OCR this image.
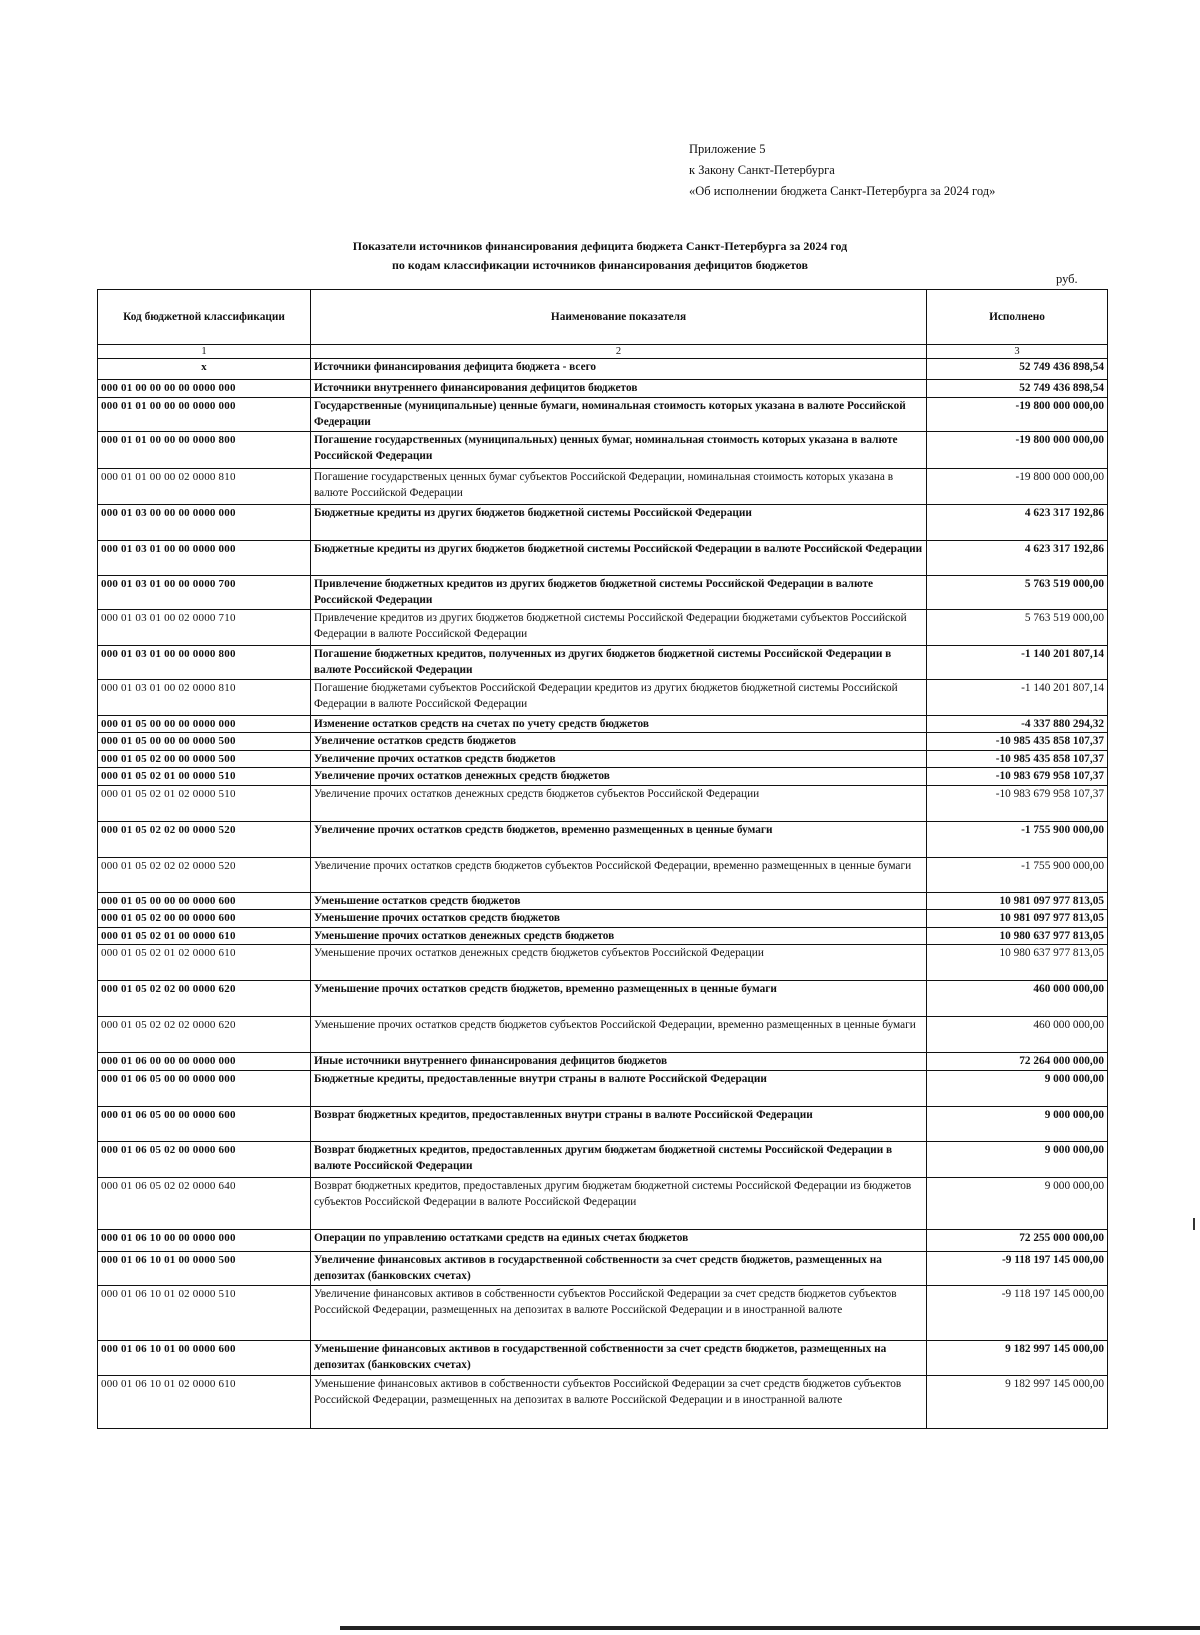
Приложение 5
к Закону Санкт-Петербурга
«Об исполнении бюджета Санкт-Петербурга за 2024 год»
Показатели источников финансирования дефицита бюджета Санкт-Петербурга за 2024 год
по кодам классификации источников финансирования дефицитов бюджетов
руб.
Код бюджетной классификации	Наименование показателя	Исполнено
1	2	3
х	Источники финансирования дефицита бюджета - всего	52 749 436 898,54
000 01 00 00 00 00 0000 000	Источники внутреннего финансирования дефицитов бюджетов	52 749 436 898,54
000 01 01 00 00 00 0000 000	Государственные (муниципальные) ценные бумаги, номинальная стоимость которых указана в валюте Российской Федерации	-19 800 000 000,00
000 01 01 00 00 00 0000 800	Погашение государственных (муниципальных) ценных бумаг, номинальная стоимость которых указана в валюте Российской Федерации	-19 800 000 000,00
000 01 01 00 00 02 0000 810	Погашение государственых ценных бумаг субъектов Российской Федерации, номинальная стоимость которых указана в валюте Российской Федерации	-19 800 000 000,00
000 01 03 00 00 00 0000 000	Бюджетные кредиты из других бюджетов бюджетной системы Российской Федерации	4 623 317 192,86
000 01 03 01 00 00 0000 000	Бюджетные кредиты из других бюджетов бюджетной системы Российской Федерации в валюте Российской Федерации	4 623 317 192,86
000 01 03 01 00 00 0000 700	Привлечение бюджетных кредитов из других бюджетов бюджетной системы Российской Федерации в валюте Российской Федерации	5 763 519 000,00
000 01 03 01 00 02 0000 710	Привлечение кредитов из других бюджетов бюджетной системы Российской Федерации бюджетами субъектов Российской Федерации в валюте Российской Федерации	5 763 519 000,00
000 01 03 01 00 00 0000 800	Погашение бюджетных кредитов, полученных из других бюджетов бюджетной системы Российской Федерации в валюте Российской Федерации	-1 140 201 807,14
000 01 03 01 00 02 0000 810	Погашение бюджетами субъектов Российской Федерации кредитов из других бюджетов бюджетной системы Российской Федерации в валюте Российской Федерации	-1 140 201 807,14
000 01 05 00 00 00 0000 000	Изменение остатков средств на счетах по учету средств бюджетов	-4 337 880 294,32
000 01 05 00 00 00 0000 500	Увеличение остатков средств бюджетов	-10 985 435 858 107,37
000 01 05 02 00 00 0000 500	Увеличение прочих остатков средств бюджетов	-10 985 435 858 107,37
000 01 05 02 01 00 0000 510	Увеличение прочих остатков денежных средств бюджетов	-10 983 679 958 107,37
000 01 05 02 01 02 0000 510	Увеличение прочих остатков денежных средств бюджетов субъектов Российской Федерации	-10 983 679 958 107,37
000 01 05 02 02 00 0000 520	Увеличение прочих остатков средств бюджетов, временно размещенных в ценные бумаги	-1 755 900 000,00
000 01 05 02 02 02 0000 520	Увеличение прочих остатков средств бюджетов субъектов Российской Федерации, временно размещенных в ценные бумаги	-1 755 900 000,00
000 01 05 00 00 00 0000 600	Уменьшение остатков средств бюджетов	10 981 097 977 813,05
000 01 05 02 00 00 0000 600	Уменьшение прочих остатков средств бюджетов	10 981 097 977 813,05
000 01 05 02 01 00 0000 610	Уменьшение прочих остатков денежных средств бюджетов	10 980 637 977 813,05
000 01 05 02 01 02 0000 610	Уменьшение прочих остатков денежных средств бюджетов субъектов Российской Федерации	10 980 637 977 813,05
000 01 05 02 02 00 0000 620	Уменьшение прочих остатков средств бюджетов, временно размещенных в ценные бумаги	460 000 000,00
000 01 05 02 02 02 0000 620	Уменьшение прочих остатков средств бюджетов субъектов Российской Федерации, временно размещенных в ценные бумаги	460 000 000,00
000 01 06 00 00 00 0000 000	Иные источники внутреннего финансирования дефицитов бюджетов	72 264 000 000,00
000 01 06 05 00 00 0000 000	Бюджетные кредиты, предоставленные внутри страны в валюте Российской Федерации	9 000 000,00
000 01 06 05 00 00 0000 600	Возврат бюджетных кредитов, предоставленных внутри страны в валюте Российской Федерации	9 000 000,00
000 01 06 05 02 00 0000 600	Возврат бюджетных кредитов, предоставленных другим бюджетам бюджетной системы Российской Федерации в валюте Российской Федерации	9 000 000,00
000 01 06 05 02 02 0000 640	Возврат бюджетных кредитов, предоставленых другим бюджетам бюджетной системы Российской Федерации из бюджетов субъектов Российской Федерации в валюте Российской Федерации	9 000 000,00
000 01 06 10 00 00 0000 000	Операции по управлению остатками средств на единых счетах бюджетов	72 255 000 000,00
000 01 06 10 01 00 0000 500	Увеличение финансовых активов в государственной собственности за счет средств бюджетов, размещенных на депозитах (банковских счетах)	-9 118 197 145 000,00
000 01 06 10 01 02 0000 510	Увеличение финансовых активов в собственности субъектов Российской Федерации за счет средств бюджетов субъектов Российской Федерации, размещенных на депозитах в валюте Российской Федерации и в иностранной валюте	-9 118 197 145 000,00
000 01 06 10 01 00 0000 600	Уменьшение финансовых активов в государственной собственности за счет средств бюджетов, размещенных на депозитах (банковских счетах)	9 182 997 145 000,00
000 01 06 10 01 02 0000 610	Уменьшение финансовых активов в собственности субъектов Российской Федерации за счет средств бюджетов субъектов Российской Федерации, размещенных на депозитах в валюте Российской Федерации и в иностранной валюте	9 182 997 145 000,00
